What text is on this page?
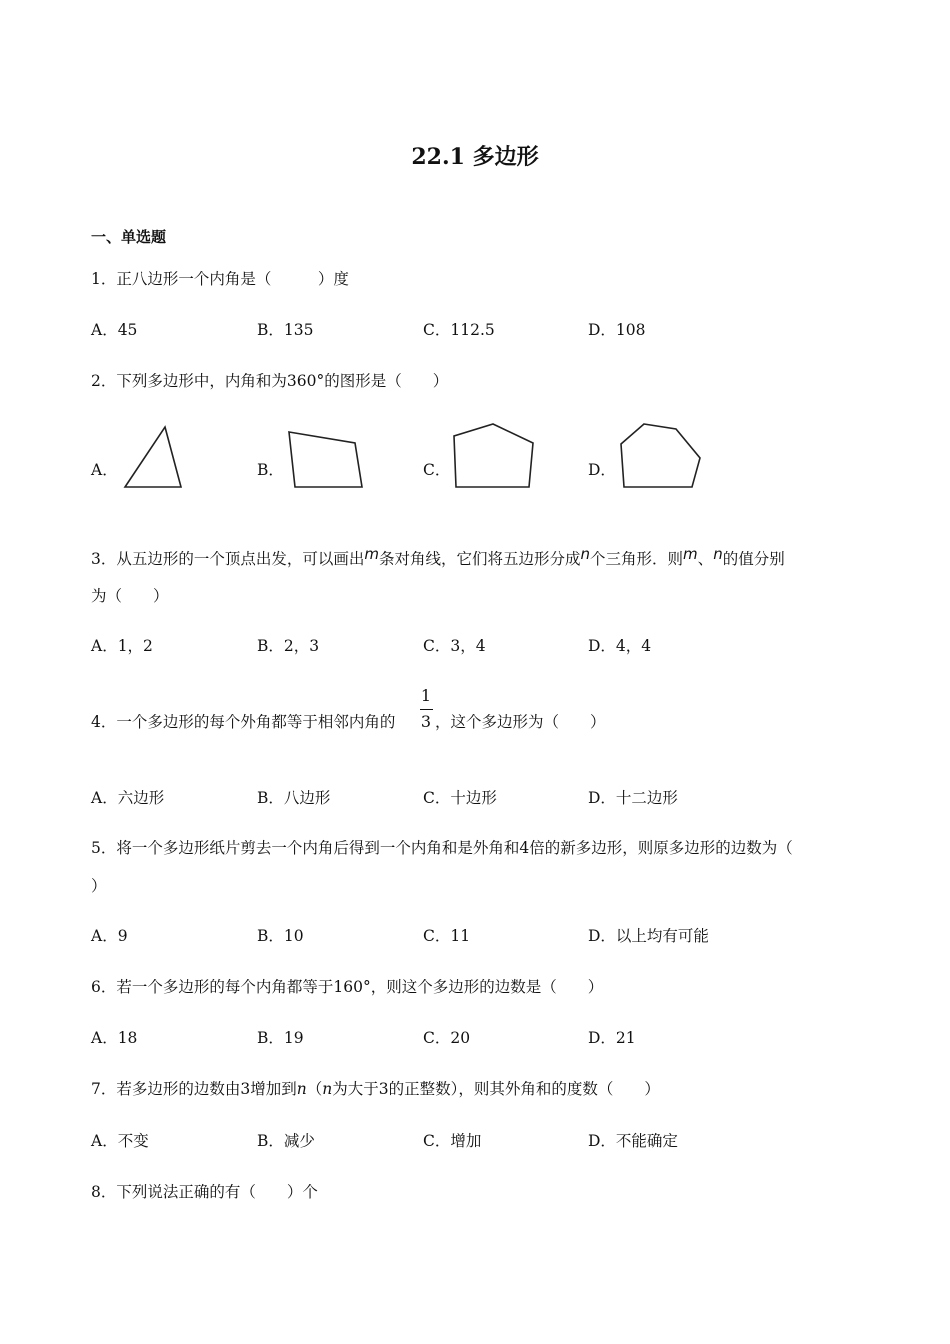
22.1 多边形
一、单选题
1．正八边形一个内角是（　　　）度
A．45	B．135	C．112.5	D．108
2．下列多边形中，内角和为360°的图形是（　　）
A．	B．	C．	D．
3．从五边形的一个顶点出发，可以画出m条对角线，它们将五边形分成n个三角形．则m、n的值分别
为（　　）
A．1，2	B．2，3	C．3，4	D．4，4
4．一个多边形的每个外角都等于相邻内角的
1
3 ，这个多边形为（　　）
A．六边形	B．八边形	C．十边形	D．十二边形
5．将一个多边形纸片剪去一个内角后得到一个内角和是外角和4倍的新多边形，则原多边形的边数为（
）
A．9	B．10	C．11	D．以上均有可能
6．若一个多边形的每个内角都等于160°，则这个多边形的边数是（　　）
A．18	B．19	C．20	D．21
7．若多边形的边数由3增加到n（n为大于3的正整数），则其外角和的度数（　　）
A．不变	B．减少	C．增加	D．不能确定
8．下列说法正确的有（　　）个
